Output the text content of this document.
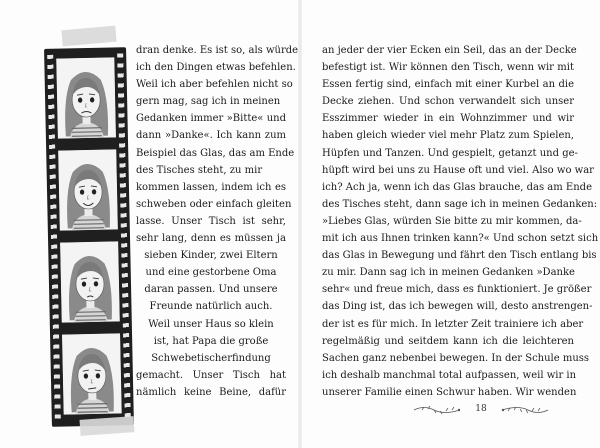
dran denke. Es ist so, als würde
ich den Dingen etwas befehlen.
Weil ich aber befehlen nicht so
gern mag, sag ich in meinen
Gedanken immer »Bitte« und
dann »Danke«. Ich kann zum
Beispiel das Glas, das am Ende
des Tisches steht, zu mir
kommen lassen, indem ich es
schweben oder einfach gleiten
lasse. Unser Tisch ist sehr,
sehr lang, denn es müssen ja
sieben Kinder, zwei Eltern
und eine gestorbene Oma
daran passen. Und unsere
Freunde natürlich auch.
Weil unser Haus so klein
ist, hat Papa die große
Schwebetischerfindung
gemacht. Unser Tisch hat
nämlich keine Beine, dafür
an jeder der vier Ecken ein Seil, das an der Decke
befestigt ist. Wir können den Tisch, wenn wir mit
Essen fertig sind, einfach mit einer Kurbel an die
Decke ziehen. Und schon verwandelt sich unser
Esszimmer wieder in ein Wohnzimmer und wir
haben gleich wieder viel mehr Platz zum Spielen,
Hüpfen und Tanzen. Und gespielt, getanzt und ge-
hüpft wird bei uns zu Hause oft und viel. Also wo war
ich? Ach ja, wenn ich das Glas brauche, das am Ende
des Tisches steht, dann sage ich in meinen Gedanken:
»Liebes Glas, würden Sie bitte zu mir kommen, da-
mit ich aus Ihnen trinken kann?« Und schon setzt sich
das Glas in Bewegung und fährt den Tisch entlang bis
zu mir. Dann sag ich in meinen Gedanken »Danke
sehr« und freue mich, dass es funktioniert. Je größer
das Ding ist, das ich bewegen will, desto anstrengen-
der ist es für mich. In letzter Zeit trainiere ich aber
regelmäßig und seitdem kann ich die leichteren
Sachen ganz nebenbei bewegen. In der Schule muss
ich deshalb manchmal total aufpassen, weil wir in
unserer Familie einen Schwur haben. Wir wenden
18
